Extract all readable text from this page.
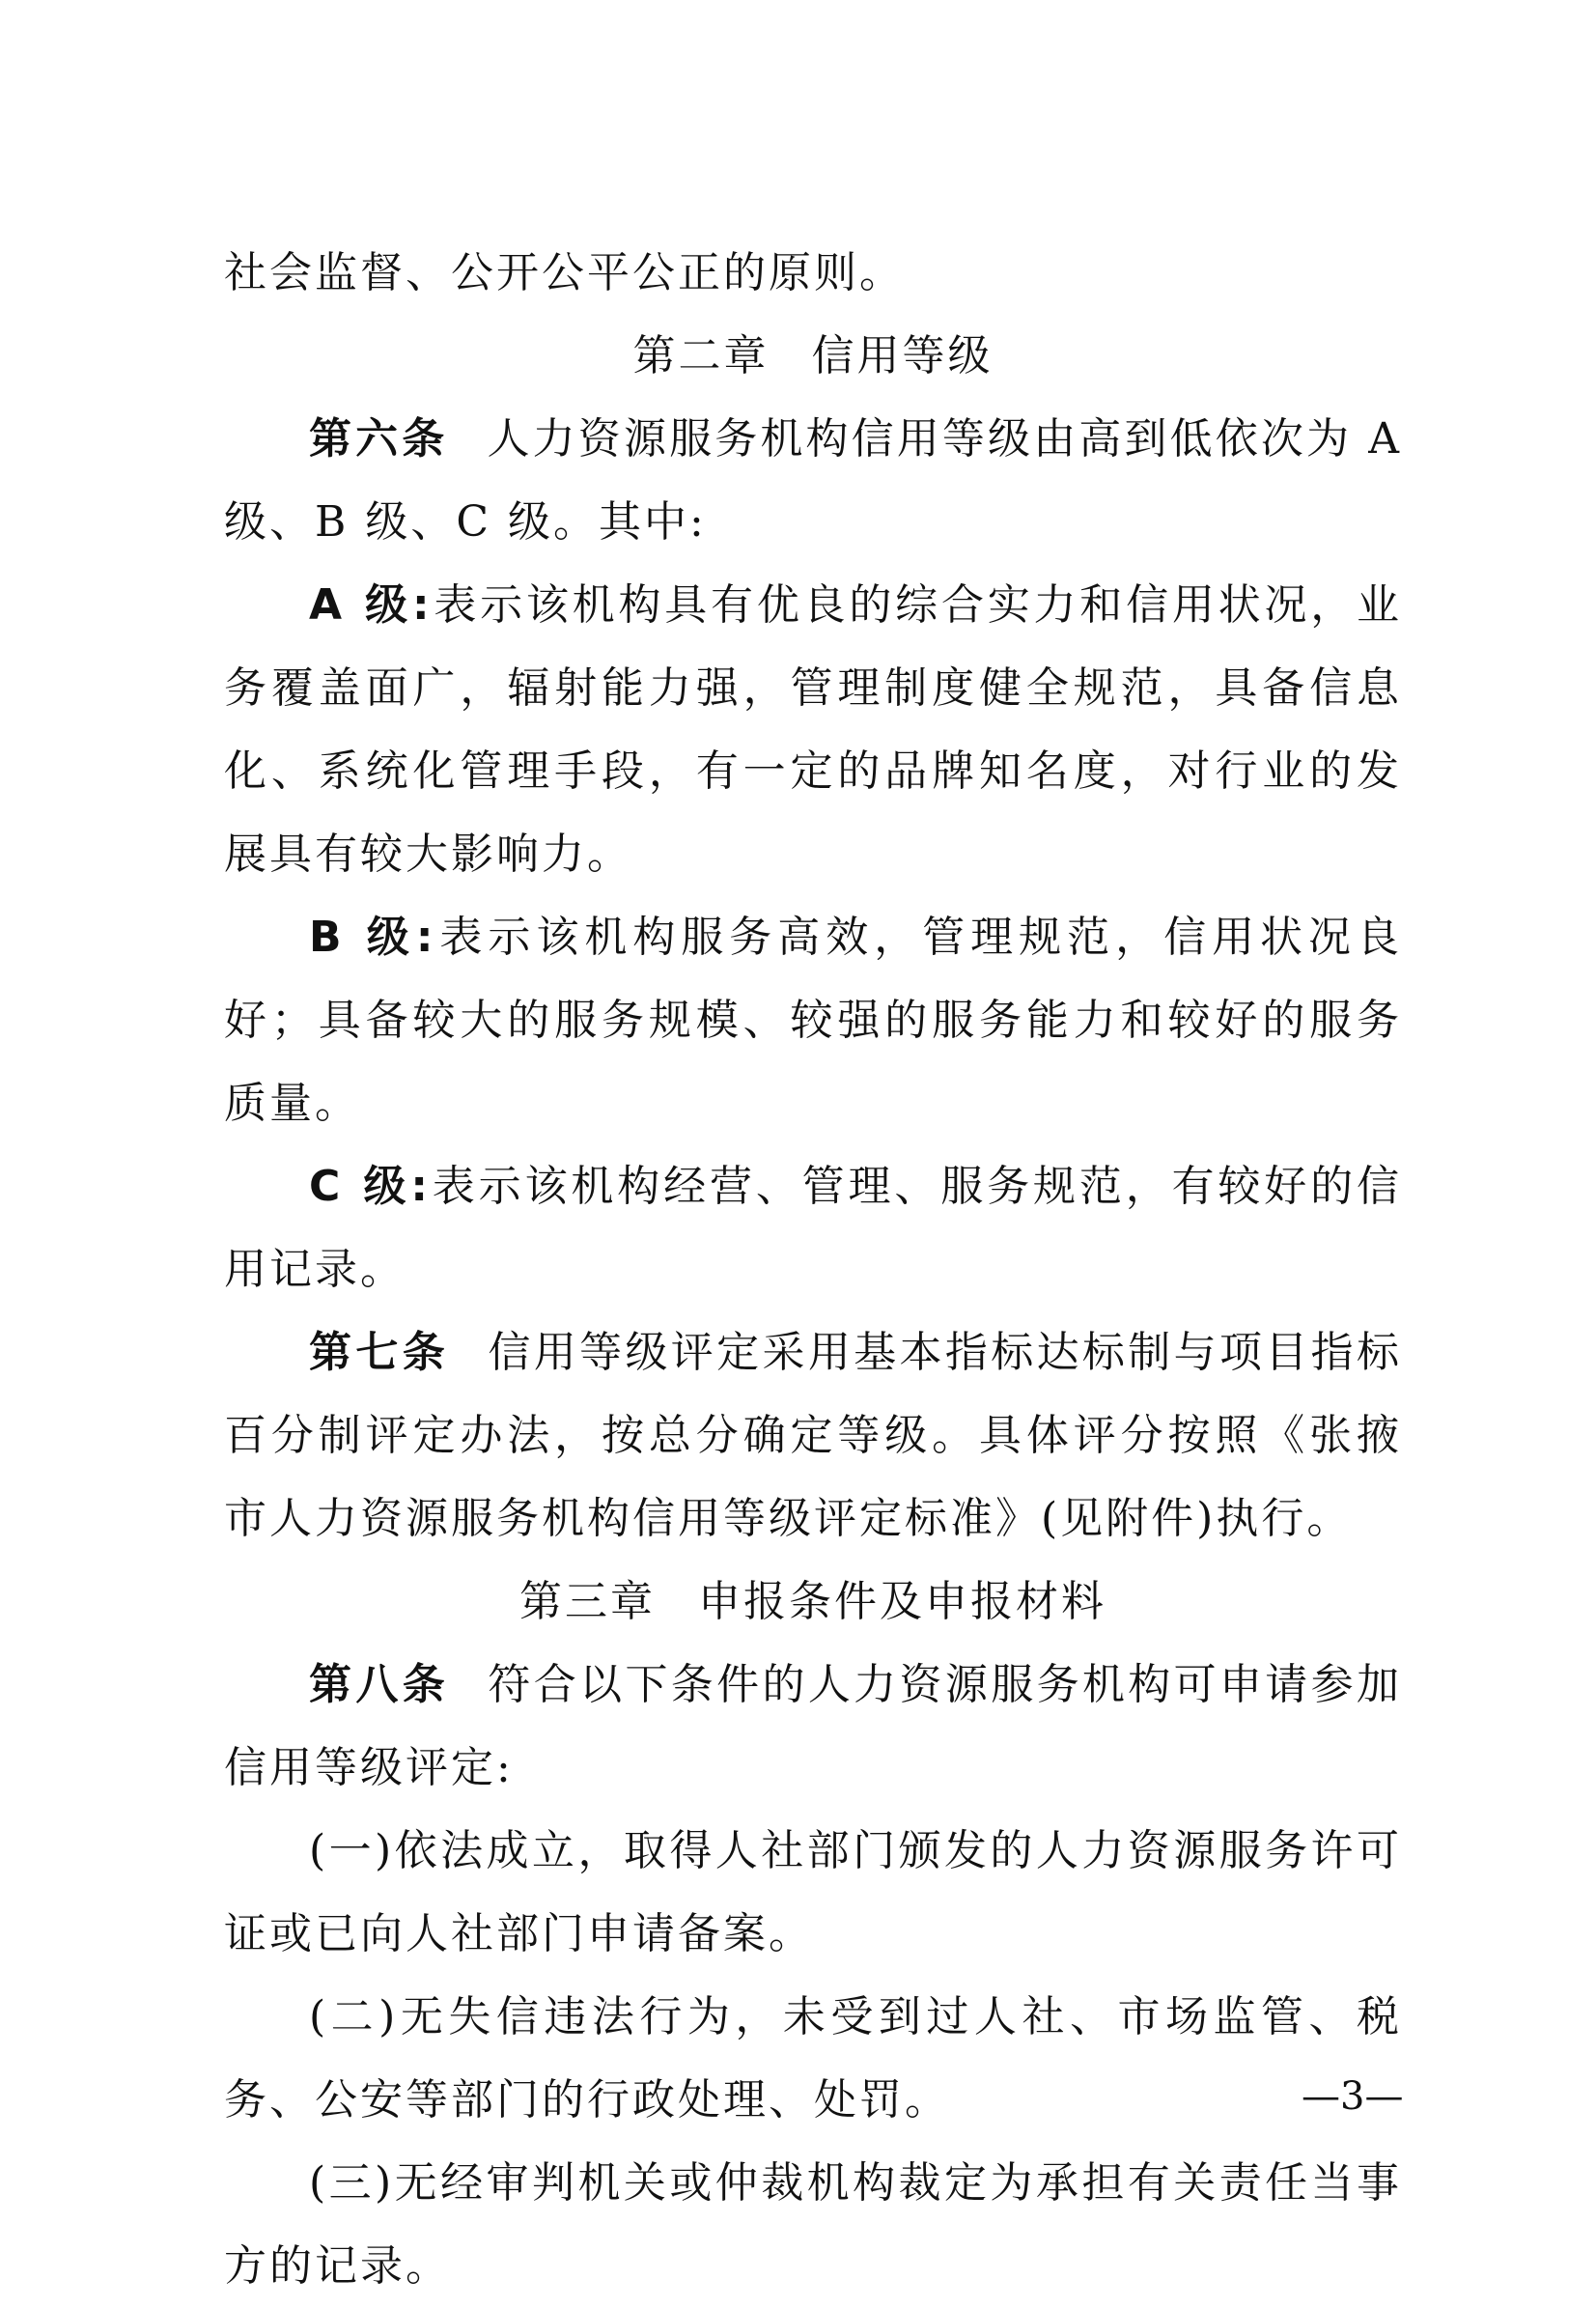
社会监督、公开公平公正的原则。

第二章 信用等级

第六条 人力资源服务机构信用等级由高到低依次为 A 级、B 级、C 级。其中:

A 级:表示该机构具有优良的综合实力和信用状况，业务覆盖面广，辐射能力强，管理制度健全规范，具备信息化、系统化管理手段，有一定的品牌知名度，对行业的发展具有较大影响力。

B 级:表示该机构服务高效，管理规范，信用状况良好；具备较大的服务规模、较强的服务能力和较好的服务质量。

C 级:表示该机构经营、管理、服务规范，有较好的信用记录。

第七条 信用等级评定采用基本指标达标制与项目指标百分制评定办法，按总分确定等级。具体评分按照《张掖市人力资源服务机构信用等级评定标准》(见附件)执行。

第三章 申报条件及申报材料

第八条 符合以下条件的人力资源服务机构可申请参加信用等级评定:

(一)依法成立，取得人社部门颁发的人力资源服务许可证或已向人社部门申请备案。

(二)无失信违法行为，未受到过人社、市场监管、税务、公安等部门的行政处理、处罚。

(三)无经审判机关或仲裁机构裁定为承担有关责任当事方的记录。

—3—
